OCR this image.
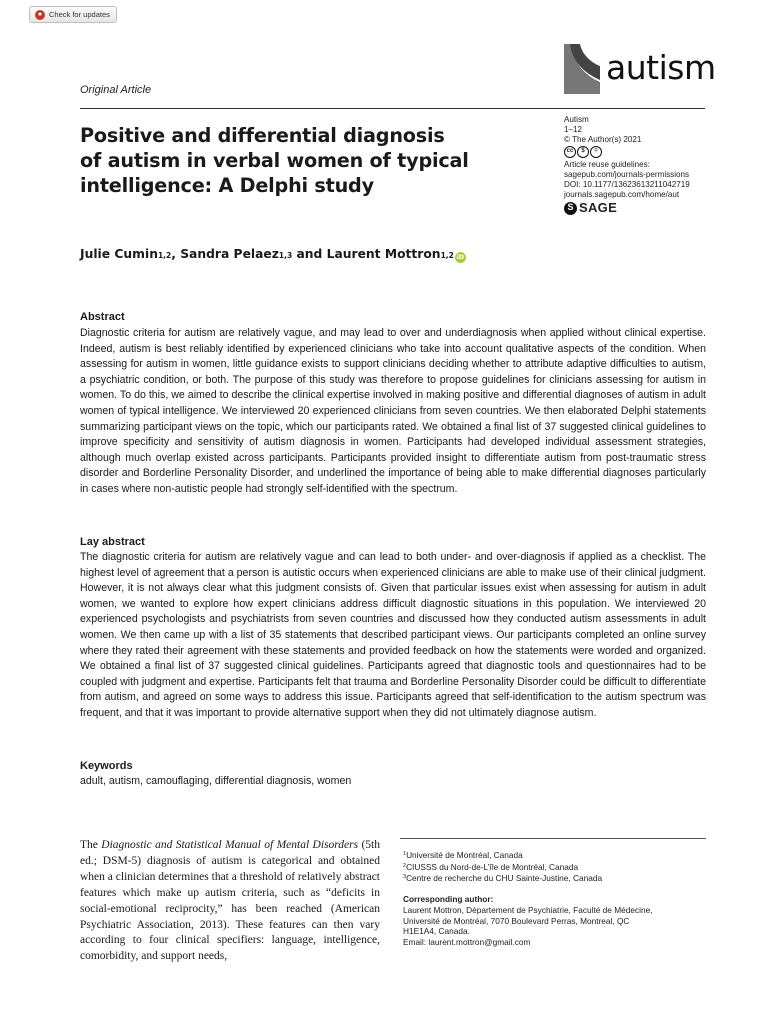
● Check for updates
Original Article
autism
Positive and differential diagnosis
of autism in verbal women of typical
intelligence: A Delphi study
Autism
1–12
© The Author(s) 2021
cc	$	=
Article reuse guidelines:
sagepub.com/journals-permissions
DOI: 10.1177/13623613211042719
journals.sagepub.com/home/aut
S SAGE
Julie Cumin 1,2 , Sandra Pelaez 1,3 and Laurent Mottron 1,2 iD
Abstract
Diagnostic criteria for autism are relatively vague, and may lead to over and underdiagnosis when applied without clinical expertise. Indeed, autism is best reliably identified by experienced clinicians who take into account qualitative aspects of the condition. When assessing for autism in women, little guidance exists to support clinicians deciding whether to attribute adaptive difficulties to autism, a psychiatric condition, or both. The purpose of this study was therefore to propose guidelines for clinicians assessing for autism in women. To do this, we aimed to describe the clinical expertise involved in making positive and differential diagnoses of autism in adult women of typical intelligence. We interviewed 20 experienced clinicians from seven countries. We then elaborated Delphi statements summarizing participant views on the topic, which our participants rated. We obtained a final list of 37 suggested clinical guidelines to improve specificity and sensitivity of autism diagnosis in women. Participants had developed individual assessment strategies, although much overlap existed across participants. Participants provided insight to differentiate autism from post-traumatic stress disorder and Borderline Personality Disorder, and underlined the importance of being able to make differential diagnoses particularly in cases where non-autistic people had strongly self-identified with the spectrum.
Lay abstract
The diagnostic criteria for autism are relatively vague and can lead to both under- and over-diagnosis if applied as a checklist. The highest level of agreement that a person is autistic occurs when experienced clinicians are able to make use of their clinical judgment. However, it is not always clear what this judgment consists of. Given that particular issues exist when assessing for autism in adult women, we wanted to explore how expert clinicians address difficult diagnostic situations in this population. We interviewed 20 experienced psychologists and psychiatrists from seven countries and discussed how they conducted autism assessments in adult women. We then came up with a list of 35 statements that described participant views. Our participants completed an online survey where they rated their agreement with these statements and provided feedback on how the statements were worded and organized. We obtained a final list of 37 suggested clinical guidelines. Participants agreed that diagnostic tools and questionnaires had to be coupled with judgment and expertise. Participants felt that trauma and Borderline Personality Disorder could be difficult to differentiate from autism, and agreed on some ways to address this issue. Participants agreed that self-identification to the autism spectrum was frequent, and that it was important to provide alternative support when they did not ultimately diagnose autism.
Keywords
adult, autism, camouflaging, differential diagnosis, women
The Diagnostic and Statistical Manual of Mental Disorders (5th ed.; DSM-5) diagnosis of autism is categorical and obtained when a clinician determines that a threshold of relatively abstract features which make up autism criteria, such as “deficits in social-emotional reciprocity,” has been reached (American Psychiatric Association, 2013). These features can then vary according to four clinical specifiers: language, intelligence, comorbidity, and support needs,
$^1$Université de Montréal, Canada
$^2$CIUSSS du Nord-de-L’île de Montréal, Canada
$^3$Centre de recherche du CHU Sainte-Justine, Canada
Corresponding author:
Laurent Mottron, Département de Psychiatrie, Faculté de Médecine,
Université de Montréal, 7070 Boulevard Perras, Montreal, QC
H1E1A4, Canada.
Email: laurent.mottron@gmail.com
